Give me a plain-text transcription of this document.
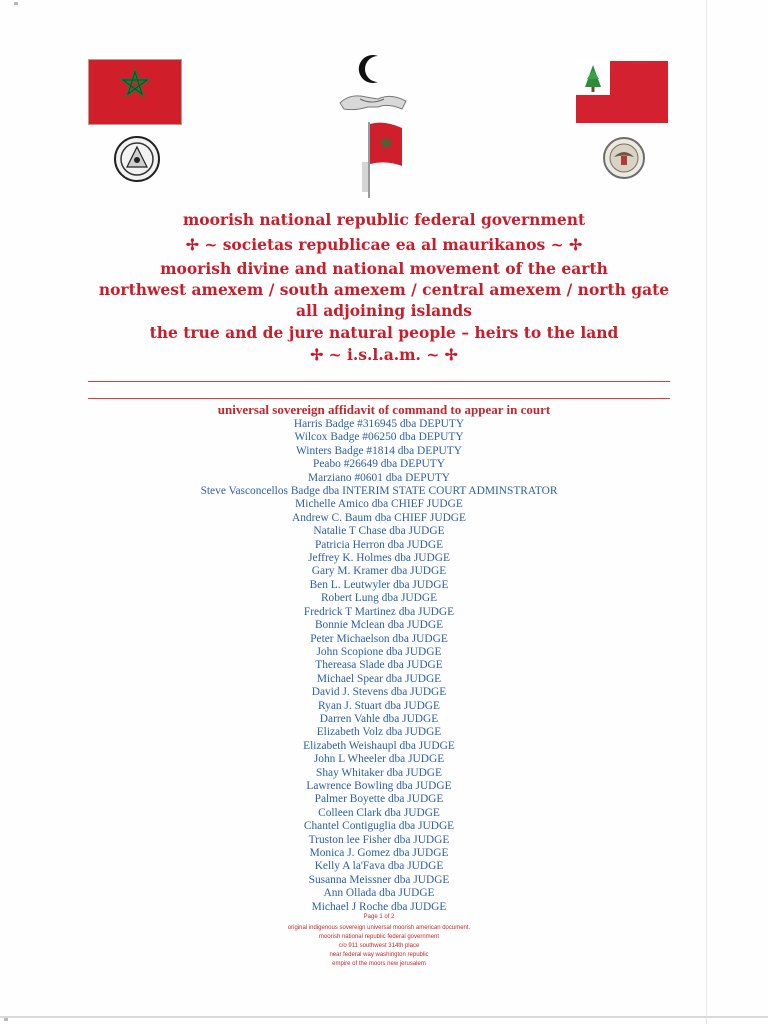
moorish national republic federal government
✢ ~ societas republicae ea al maurikanos ~ ✢
moorish divine and national movement of the earth
northwest amexem / south amexem / central amexem / north gate
all adjoining islands
the true and de jure natural people – heirs to the land
✢ ~ i.s.l.a.m. ~ ✢
universal sovereign affidavit of command to appear in court
Harris Badge #316945 dba DEPUTY
Wilcox Badge #06250 dba DEPUTY
Winters Badge #1814 dba DEPUTY
Peabo #26649 dba DEPUTY
Marziano #0601 dba DEPUTY
Steve Vasconcellos Badge dba INTERIM STATE COURT ADMINSTRATOR
Michelle Amico dba CHIEF JUDGE
Andrew C. Baum dba CHIEF JUDGE
Natalie T Chase dba JUDGE
Patricia Herron dba JUDGE
Jeffrey K. Holmes dba JUDGE
Gary M. Kramer dba JUDGE
Ben L. Leutwyler dba JUDGE
Robert Lung dba JUDGE
Fredrick T Martinez dba JUDGE
Bonnie Mclean dba JUDGE
Peter Michaelson dba JUDGE
John Scopione dba JUDGE
Thereasa Slade dba JUDGE
Michael Spear dba JUDGE
David J. Stevens dba JUDGE
Ryan J. Stuart dba JUDGE
Darren Vahle dba JUDGE
Elizabeth Volz dba JUDGE
Elizabeth Weishaupl dba JUDGE
John L Wheeler dba JUDGE
Shay Whitaker dba JUDGE
Lawrence Bowling dba JUDGE
Palmer Boyette dba JUDGE
Colleen Clark dba JUDGE
Chantel Contiguglia dba JUDGE
Truston lee Fisher dba JUDGE
Monica J. Gomez dba JUDGE
Kelly A la'Fava dba JUDGE
Susanna Meissner dba JUDGE
Ann Ollada dba JUDGE
Michael J Roche dba JUDGE
Page 1 of 2
original indigenous sovereign universal moorish american document.
moorish national republic federal government
c/o 911 southwest 314th place
near federal way washington republic
empire of the moors new jerusalem
